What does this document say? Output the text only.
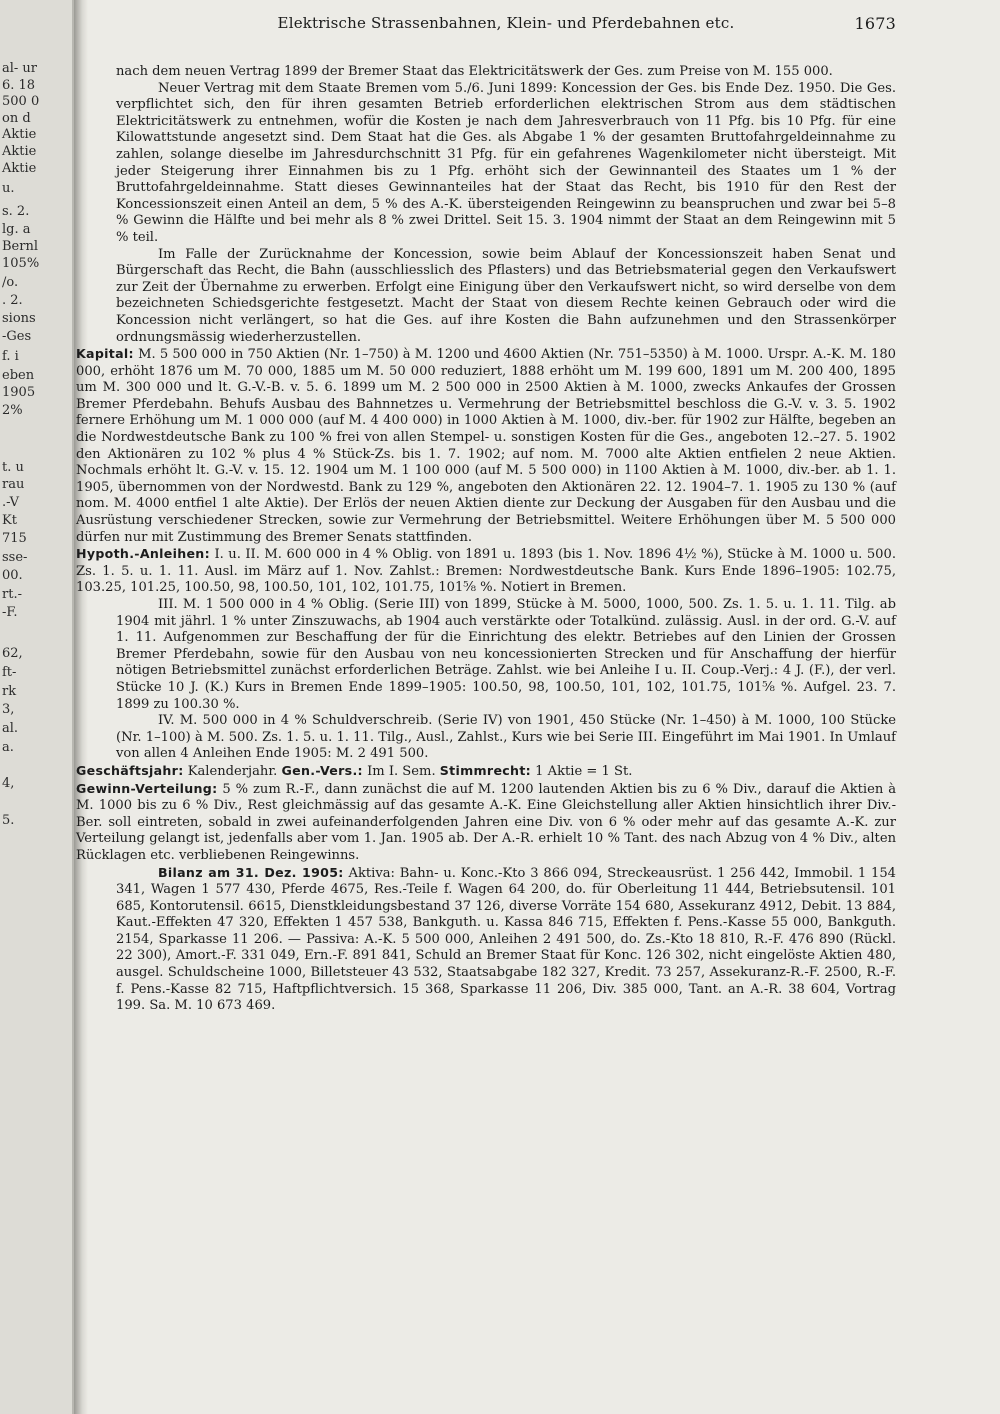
al- ur
6. 18
500 0
on d
Aktie
Aktie
Aktie
u.
s. 2.
lg. a
Bernl
105%
/o.
. 2.
sions
-Ges
f. i
eben
1905
2%
t. u
rau
.-V
Kt
715
sse-
00.
rt.-
-F.
62,
ft-
rk
3,
al.
a.
4,
5.
Elektrische Strassenbahnen, Klein- und Pferdebahnen etc.	1673

nach dem neuen Vertrag 1899 der Bremer Staat das Elektricitätswerk der Ges. zum Preise von M. 155 000.

Neuer Vertrag mit dem Staate Bremen vom 5./6. Juni 1899: Koncession der Ges. bis Ende Dez. 1950. Die Ges. verpflichtet sich, den für ihren gesamten Betrieb erforderlichen elektrischen Strom aus dem städtischen Elektricitätswerk zu entnehmen, wofür die Kosten je nach dem Jahresverbrauch von 11 Pfg. bis 10 Pfg. für eine Kilowattstunde angesetzt sind. Dem Staat hat die Ges. als Abgabe 1 % der gesamten Bruttofahrgeldeinnahme zu zahlen, solange dieselbe im Jahresdurchschnitt 31 Pfg. für ein gefahrenes Wagenkilometer nicht übersteigt. Mit jeder Steigerung ihrer Einnahmen bis zu 1 Pfg. erhöht sich der Gewinnanteil des Staates um 1 % der Bruttofahrgeldeinnahme. Statt dieses Gewinnanteiles hat der Staat das Recht, bis 1910 für den Rest der Koncessionszeit einen Anteil an dem, 5 % des A.-K. übersteigenden Reingewinn zu beanspruchen und zwar bei 5–8 % Gewinn die Hälfte und bei mehr als 8 % zwei Drittel. Seit 15. 3. 1904 nimmt der Staat an dem Reingewinn mit 5 % teil.

Im Falle der Zurücknahme der Koncession, sowie beim Ablauf der Koncessionszeit haben Senat und Bürgerschaft das Recht, die Bahn (ausschliesslich des Pflasters) und das Betriebsmaterial gegen den Verkaufswert zur Zeit der Übernahme zu erwerben. Erfolgt eine Einigung über den Verkaufswert nicht, so wird derselbe von dem bezeichneten Schiedsgerichte festgesetzt. Macht der Staat von diesem Rechte keinen Gebrauch oder wird die Koncession nicht verlängert, so hat die Ges. auf ihre Kosten die Bahn aufzunehmen und den Strassenkörper ordnungsmässig wiederherzustellen.

Kapital: M. 5 500 000 in 750 Aktien (Nr. 1–750) à M. 1200 und 4600 Aktien (Nr. 751–5350) à M. 1000. Urspr. A.-K. M. 180 000, erhöht 1876 um M. 70 000, 1885 um M. 50 000 reduziert, 1888 erhöht um M. 199 600, 1891 um M. 200 400, 1895 um M. 300 000 und lt. G.-V.-B. v. 5. 6. 1899 um M. 2 500 000 in 2500 Aktien à M. 1000, zwecks Ankaufes der Grossen Bremer Pferdebahn. Behufs Ausbau des Bahnnetzes u. Vermehrung der Betriebsmittel beschloss die G.-V. v. 3. 5. 1902 fernere Erhöhung um M. 1 000 000 (auf M. 4 400 000) in 1000 Aktien à M. 1000, div.-ber. für 1902 zur Hälfte, begeben an die Nordwestdeutsche Bank zu 100 % frei von allen Stempel- u. sonstigen Kosten für die Ges., angeboten 12.–27. 5. 1902 den Aktionären zu 102 % plus 4 % Stück-Zs. bis 1. 7. 1902; auf nom. M. 7000 alte Aktien entfielen 2 neue Aktien. Nochmals erhöht lt. G.-V. v. 15. 12. 1904 um M. 1 100 000 (auf M. 5 500 000) in 1100 Aktien à M. 1000, div.-ber. ab 1. 1. 1905, übernommen von der Nordwestd. Bank zu 129 %, angeboten den Aktionären 22. 12. 1904–7. 1. 1905 zu 130 % (auf nom. M. 4000 entfiel 1 alte Aktie). Der Erlös der neuen Aktien diente zur Deckung der Ausgaben für den Ausbau und die Ausrüstung verschiedener Strecken, sowie zur Vermehrung der Betriebsmittel. Weitere Erhöhungen über M. 5 500 000 dürfen nur mit Zustimmung des Bremer Senats stattfinden.

Hypoth.-Anleihen: I. u. II. M. 600 000 in 4 % Oblig. von 1891 u. 1893 (bis 1. Nov. 1896 4½ %), Stücke à M. 1000 u. 500. Zs. 1. 5. u. 1. 11. Ausl. im März auf 1. Nov. Zahlst.: Bremen: Nordwestdeutsche Bank. Kurs Ende 1896–1905: 102.75, 103.25, 101.25, 100.50, 98, 100.50, 101, 102, 101.75, 101⁵⁄₈ %. Notiert in Bremen.

III. M. 1 500 000 in 4 % Oblig. (Serie III) von 1899, Stücke à M. 5000, 1000, 500. Zs. 1. 5. u. 1. 11. Tilg. ab 1904 mit jährl. 1 % unter Zinszuwachs, ab 1904 auch verstärkte oder Totalkünd. zulässig. Ausl. in der ord. G.-V. auf 1. 11. Aufgenommen zur Beschaffung der für die Einrichtung des elektr. Betriebes auf den Linien der Grossen Bremer Pferdebahn, sowie für den Ausbau von neu koncessionierten Strecken und für Anschaffung der hierfür nötigen Betriebsmittel zunächst erforderlichen Beträge. Zahlst. wie bei Anleihe I u. II. Coup.-Verj.: 4 J. (F.), der verl. Stücke 10 J. (K.) Kurs in Bremen Ende 1899–1905: 100.50, 98, 100.50, 101, 102, 101.75, 101⁵⁄₈ %. Aufgel. 23. 7. 1899 zu 100.30 %.

IV. M. 500 000 in 4 % Schuldverschreib. (Serie IV) von 1901, 450 Stücke (Nr. 1–450) à M. 1000, 100 Stücke (Nr. 1–100) à M. 500. Zs. 1. 5. u. 1. 11. Tilg., Ausl., Zahlst., Kurs wie bei Serie III. Eingeführt im Mai 1901. In Umlauf von allen 4 Anleihen Ende 1905: M. 2 491 500.

Geschäftsjahr: Kalenderjahr. Gen.-Vers.: Im I. Sem. Stimmrecht: 1 Aktie = 1 St.

Gewinn-Verteilung: 5 % zum R.-F., dann zunächst die auf M. 1200 lautenden Aktien bis zu 6 % Div., darauf die Aktien à M. 1000 bis zu 6 % Div., Rest gleichmässig auf das gesamte A.-K. Eine Gleichstellung aller Aktien hinsichtlich ihrer Div.-Ber. soll eintreten, sobald in zwei aufeinanderfolgenden Jahren eine Div. von 6 % oder mehr auf das gesamte A.-K. zur Verteilung gelangt ist, jedenfalls aber vom 1. Jan. 1905 ab. Der A.-R. erhielt 10 % Tant. des nach Abzug von 4 % Div., alten Rücklagen etc. verbliebenen Reingewinns.

Bilanz am 31. Dez. 1905: Aktiva: Bahn- u. Konc.-Kto 3 866 094, Streckeausrüst. 1 256 442, Immobil. 1 154 341, Wagen 1 577 430, Pferde 4675, Res.-Teile f. Wagen 64 200, do. für Oberleitung 11 444, Betriebsutensil. 101 685, Kontorutensil. 6615, Dienstkleidungsbestand 37 126, diverse Vorräte 154 680, Assekuranz 4912, Debit. 13 884, Kaut.-Effekten 47 320, Effekten 1 457 538, Bankguth. u. Kassa 846 715, Effekten f. Pens.-Kasse 55 000, Bankguth. 2154, Sparkasse 11 206. — Passiva: A.-K. 5 500 000, Anleihen 2 491 500, do. Zs.-Kto 18 810, R.-F. 476 890 (Rückl. 22 300), Amort.-F. 331 049, Ern.-F. 891 841, Schuld an Bremer Staat für Konc. 126 302, nicht eingelöste Aktien 480, ausgel. Schuldscheine 1000, Billetsteuer 43 532, Staatsabgabe 182 327, Kredit. 73 257, Assekuranz-R.-F. 2500, R.-F. f. Pens.-Kasse 82 715, Haftpflichtversich. 15 368, Sparkasse 11 206, Div. 385 000, Tant. an A.-R. 38 604, Vortrag 199. Sa. M. 10 673 469.
